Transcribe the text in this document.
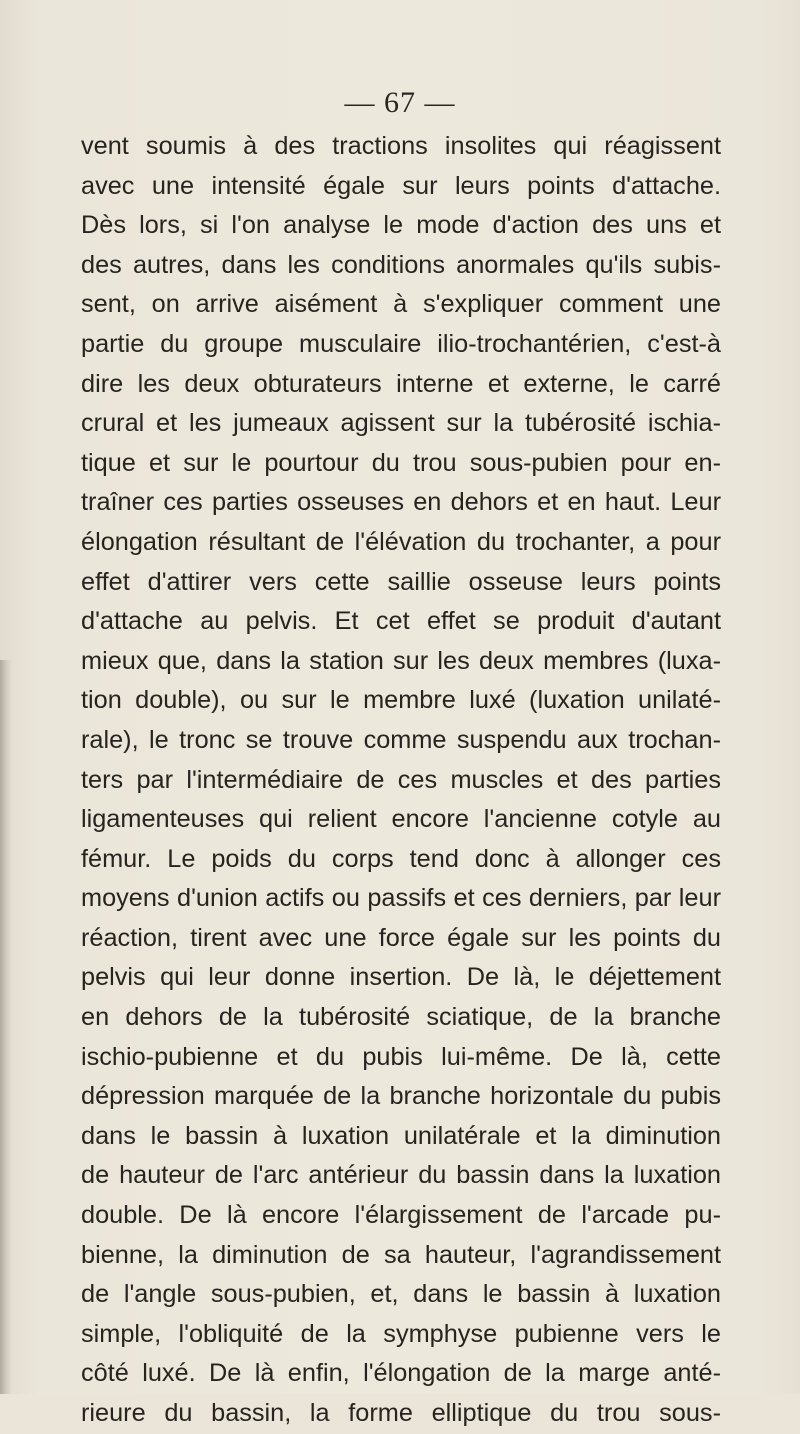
— 67 —
vent soumis à des tractions insolites qui réagissent
avec une intensité égale sur leurs points d'attache.
Dès lors, si l'on analyse le mode d'action des uns et
des autres, dans les conditions anormales qu'ils subis-
sent, on arrive aisément à s'expliquer comment une
partie du groupe musculaire ilio-trochantérien, c'est-à
dire les deux obturateurs interne et externe, le carré
crural et les jumeaux agissent sur la tubérosité ischia-
tique et sur le pourtour du trou sous-pubien pour en-
traîner ces parties osseuses en dehors et en haut. Leur
élongation résultant de l'élévation du trochanter, a pour
effet d'attirer vers cette saillie osseuse leurs points
d'attache au pelvis. Et cet effet se produit d'autant
mieux que, dans la station sur les deux membres (luxa-
tion double), ou sur le membre luxé (luxation unilaté-
rale), le tronc se trouve comme suspendu aux trochan-
ters par l'intermédiaire de ces muscles et des parties
ligamenteuses qui relient encore l'ancienne cotyle au
fémur. Le poids du corps tend donc à allonger ces
moyens d'union actifs ou passifs et ces derniers, par leur
réaction, tirent avec une force égale sur les points du
pelvis qui leur donne insertion. De là, le déjettement
en dehors de la tubérosité sciatique, de la branche
ischio-pubienne et du pubis lui-même. De là, cette
dépression marquée de la branche horizontale du pubis
dans le bassin à luxation unilatérale et la diminution
de hauteur de l'arc antérieur du bassin dans la luxation
double. De là encore l'élargissement de l'arcade pu-
bienne, la diminution de sa hauteur, l'agrandissement
de l'angle sous-pubien, et, dans le bassin à luxation
simple, l'obliquité de la symphyse pubienne vers le
côté luxé. De là enfin, l'élongation de la marge anté-
rieure du bassin, la forme elliptique du trou sous-
